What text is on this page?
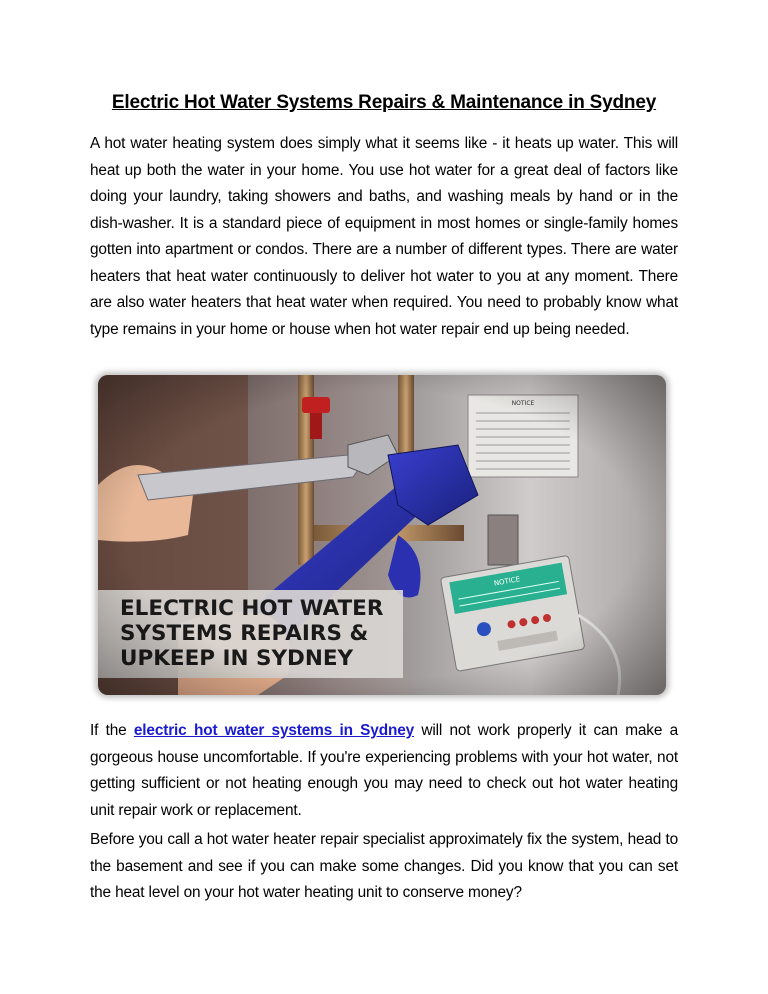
Electric Hot Water Systems Repairs & Maintenance in Sydney

A hot water heating system does simply what it seems like - it heats up water. This will heat up both the water in your home. You use hot water for a great deal of factors like doing your laundry, taking showers and baths, and washing meals by hand or in the dish-washer. It is a standard piece of equipment in most homes or single-family homes gotten into apartment or condos. There are a number of different types. There are water heaters that heat water continuously to deliver hot water to you at any moment. There are also water heaters that heat water when required. You need to probably know what type remains in your home or house when hot water repair end up being needed.

If the electric hot water systems in Sydney will not work properly it can make a gorgeous house uncomfortable. If you're experiencing problems with your hot water, not getting sufficient or not heating enough you may need to check out hot water heating unit repair work or replacement.

Before you call a hot water heater repair specialist approximately fix the system, head to the basement and see if you can make some changes. Did you know that you can set the heat level on your hot water heating unit to conserve money?
